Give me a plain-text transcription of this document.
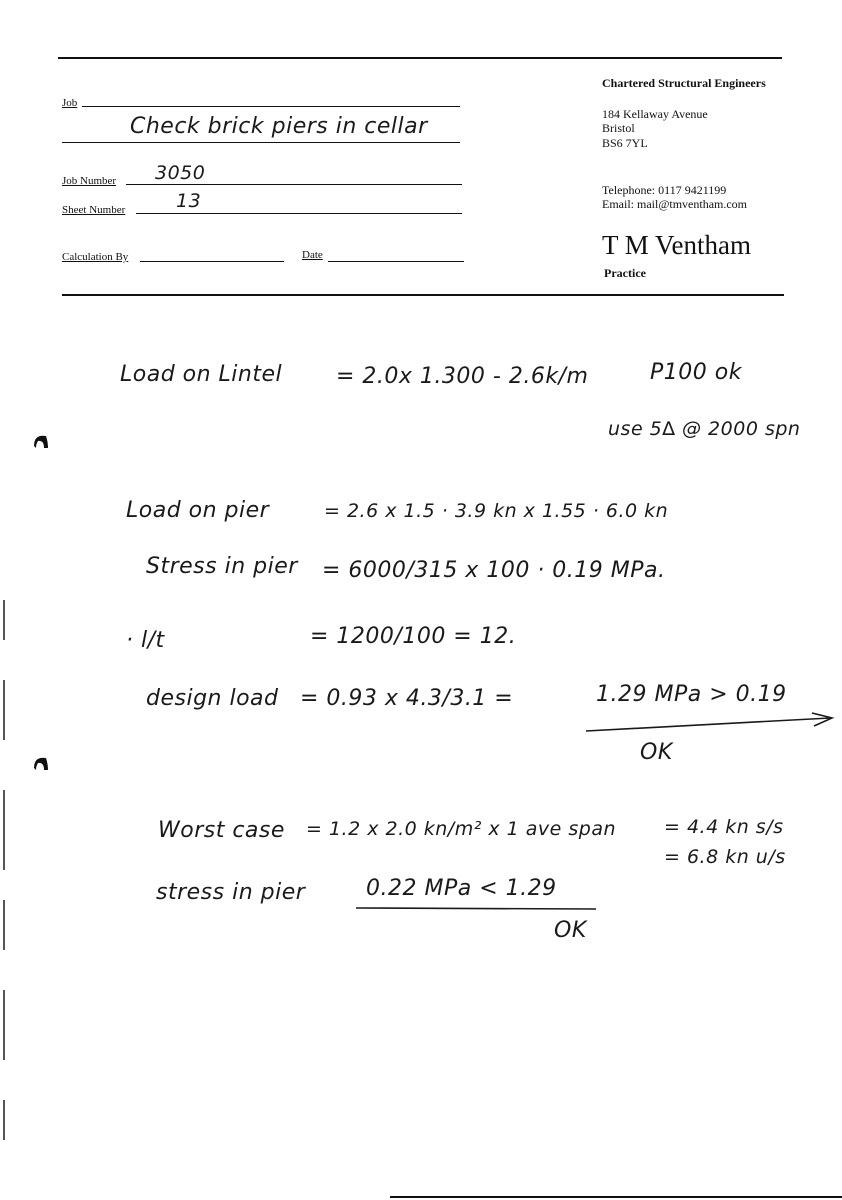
Job
Check brick piers in cellar
Job Number 3050
Sheet Number	13
Calculation By	Date
Chartered Structural Engineers
184 Kellaway Avenue
Bristol
BS6 7YL
Telephone: 0117 9421199
Email: mail@tmventham.com
T M Ventham
Practice
Load on Lintel = 2.0x 1.300 - 2.6k/m	P100 ok
use 5∆ @ 2000 spn
Load on pier	= 2.6 x 1.5 · 3.9 kn x 1.55 · 6.0 kn
Stress in pier = 6000/315 x 100 · 0.19 MPa.
· l/t	= 1200/100 = 12.
design load = 0.93 x 4.3/3.1 =	1.29 MPa > 0.19
OK
Worst case = 1.2 x 2.0 kn/m² x 1 ave span	= 4.4 kn s/s
= 6.8 kn u/s
stress in pier	0.22 MPa < 1.29
OK
